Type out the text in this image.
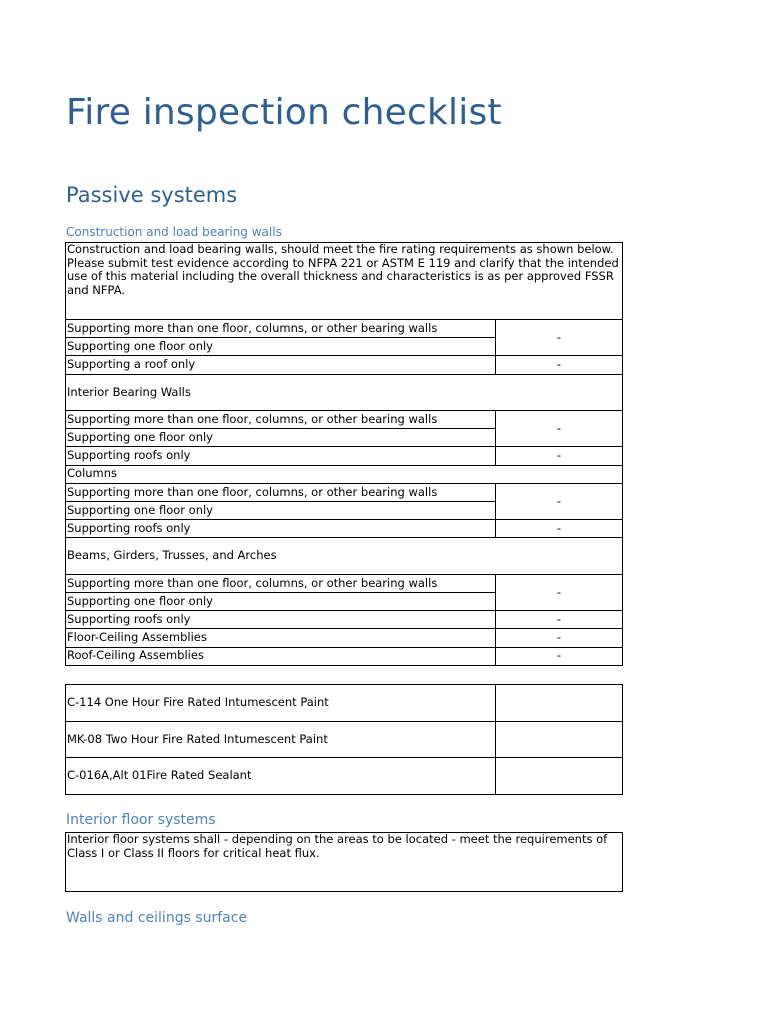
Fire inspection checklist
Passive systems
Construction and load bearing walls
Construction and load bearing walls, should meet the fire rating requirements as shown below. Please submit test evidence according to NFPA 221 or ASTM E 119 and clarify that the intended use of this material including the overall thickness and characteristics is as per approved FSSR and NFPA.	
Supporting more than one floor, columns, or other bearing walls	-
Supporting one floor only	
Supporting a roof only	-
Interior Bearing Walls	
Supporting more than one floor, columns, or other bearing walls	-
Supporting one floor only	
Supporting roofs only	-
Columns	
Supporting more than one floor, columns, or other bearing walls	-
Supporting one floor only	
Supporting roofs only	-
Beams, Girders, Trusses, and Arches	
Supporting more than one floor, columns, or other bearing walls	-
Supporting one floor only	
Supporting roofs only	-
Floor-Ceiling Assemblies	-
Roof-Ceiling Assemblies	-
C-114 One Hour Fire Rated Intumescent Paint	
MK-08 Two Hour Fire Rated Intumescent Paint	
C-016A,Alt 01Fire Rated Sealant	
Interior floor systems
Interior floor systems shall - depending on the areas to be located - meet the requirements of Class I or Class II floors for critical heat flux.
Walls and ceilings surface
